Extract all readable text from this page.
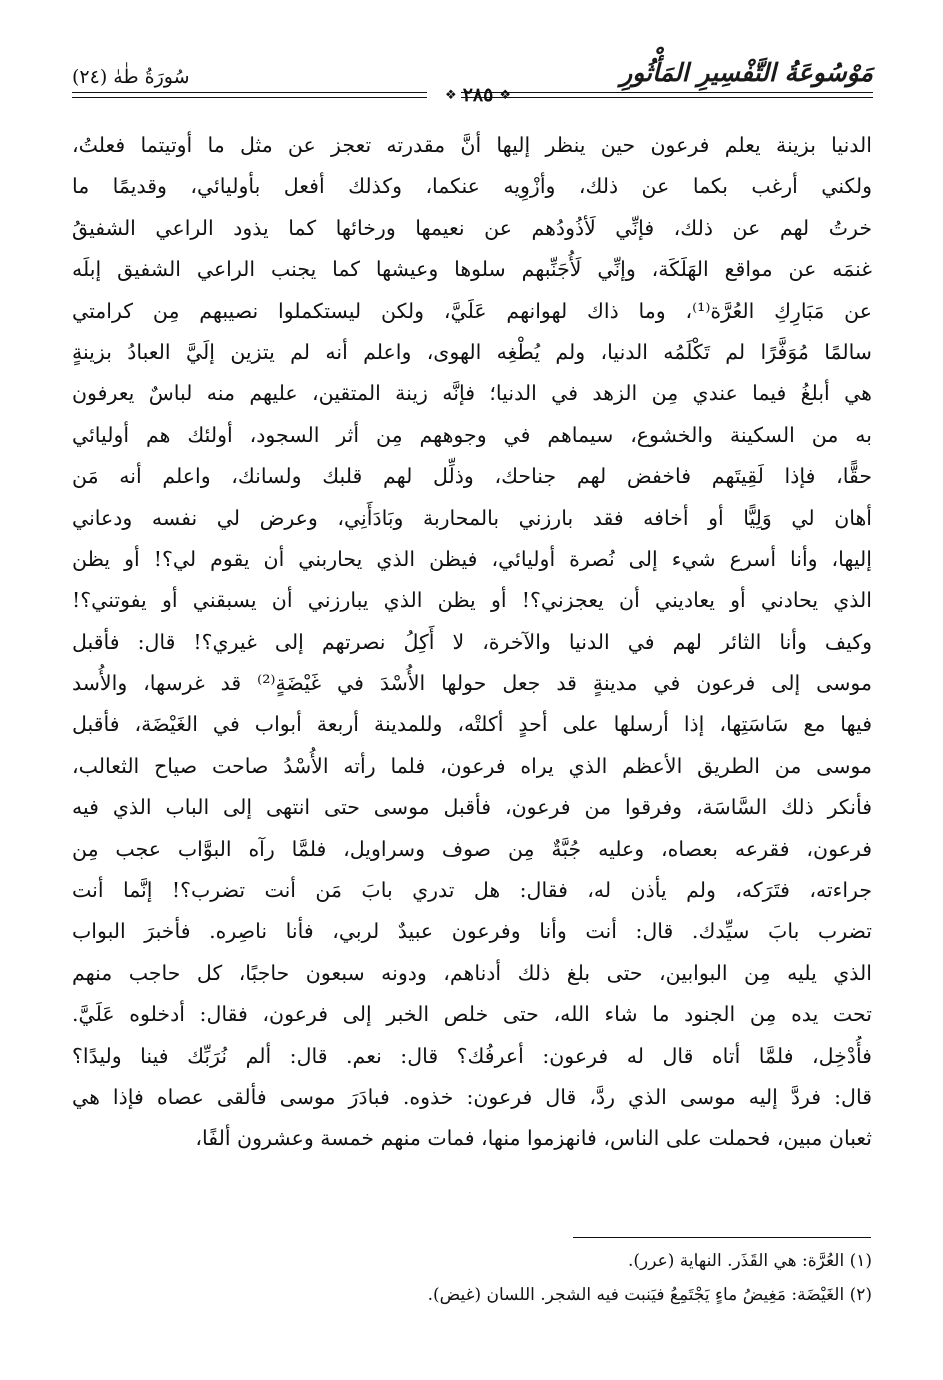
مَوْسُوعَةُ التَّفْسِيرِ المَأْثُورِ
سُورَةُ طٰهٰ (٢٤)
❖
٢٨٥
❖
الدنيا بزينة يعلم فرعون حين ينظر إليها أنَّ مقدرته تعجز عن مثل ما أوتيتما فعلتُ،
ولكني أرغب بكما عن ذلك، وأزْوِيه عنكما، وكذلك أفعل بأوليائي، وقديمًا ما
خرتُ لهم عن ذلك، فإنِّي لَأذُودُهم عن نعيمها ورخائها كما يذود الراعي الشفيقُ
غنمَه عن مواقع الهَلَكَة، وإنِّي لَأُجَنِّبهم سلوها وعيشها كما يجنب الراعي الشفيق إبلَه
عن مَبَارِكِ العُرَّة⁽¹⁾، وما ذاك لهوانهم عَلَيَّ، ولكن ليستكملوا نصيبهم مِن كرامتي
سالمًا مُوَفَّرًا لم تَكْلَمُه الدنيا، ولم يُطْغِه الهوى، واعلم أنه لم يتزين إلَيَّ العبادُ بزينةٍ
هي أبلغُ فيما عندي مِن الزهد في الدنيا؛ فإنَّه زينة المتقين، عليهم منه لباسٌ يعرفون
به من السكينة والخشوع، سيماهم في وجوههم مِن أثر السجود، أولئك هم أوليائي
حقًّا، فإذا لَقِيتَهم فاخفض لهم جناحك، وذلِّل لهم قلبك ولسانك، واعلم أنه مَن
أهان لي وَلِيًّا أو أخافه فقد بارزني بالمحاربة وبَادَأَنِي، وعرض لي نفسه ودعاني
إليها، وأنا أسرع شيء إلى نُصرة أوليائي، فيظن الذي يحاربني أن يقوم لي؟! أو يظن
الذي يحادني أو يعاديني أن يعجزني؟! أو يظن الذي يبارزني أن يسبقني أو يفوتني؟!
وكيف وأنا الثائر لهم في الدنيا والآخرة، لا أَكِلُ نصرتهم إلى غيري؟! قال: فأقبل
موسى إلى فرعون في مدينةٍ قد جعل حولها الأُسْدَ في غَيْضَةٍ⁽²⁾ قد غرسها، والأُسد
فيها مع سَاسَتِها، إذا أرسلها على أحدٍ أكلتْه، وللمدينة أربعة أبواب في الغَيْضَة، فأقبل
موسى من الطريق الأعظم الذي يراه فرعون، فلما رأته الأُسْدُ صاحت صياح الثعالب،
فأنكر ذلك السَّاسَة، وفرقوا من فرعون، فأقبل موسى حتى انتهى إلى الباب الذي فيه
فرعون، فقرعه بعصاه، وعليه جُبَّةٌ مِن صوف وسراويل، فلمَّا رآه البوَّاب عجب مِن
جراءته، فتَرَكه، ولم يأذن له، فقال: هل تدري بابَ مَن أنت تضرب؟! إنَّما أنت
تضرب بابَ سيِّدك. قال: أنت وأنا وفرعون عبيدٌ لربي، فأنا ناصِره. فأخبرَ البواب
الذي يليه مِن البوابين، حتى بلغ ذلك أدناهم، ودونه سبعون حاجبًا، كل حاجب منهم
تحت يده مِن الجنود ما شاء الله، حتى خلص الخبر إلى فرعون، فقال: أدخلوه عَلَيَّ.
فأُدْخِل، فلمَّا أتاه قال له فرعون: أعرفُك؟ قال: نعم. قال: ألم نُرَبِّك فينا وليدًا؟
قال: فردَّ إليه موسى الذي ردَّ، قال فرعون: خذوه. فبادَرَ موسى فألقى عصاه فإذا هي
ثعبان مبين، فحملت على الناس، فانهزموا منها، فمات منهم خمسة وعشرون ألفًا،
(١) العُرَّة: هي القَذَر. النهاية (عرر).
(٢) الغَيْضَة: مَغِيضُ ماءٍ يَجْتَمِعُ فيَنبت فيه الشجر. اللسان (غيض).
